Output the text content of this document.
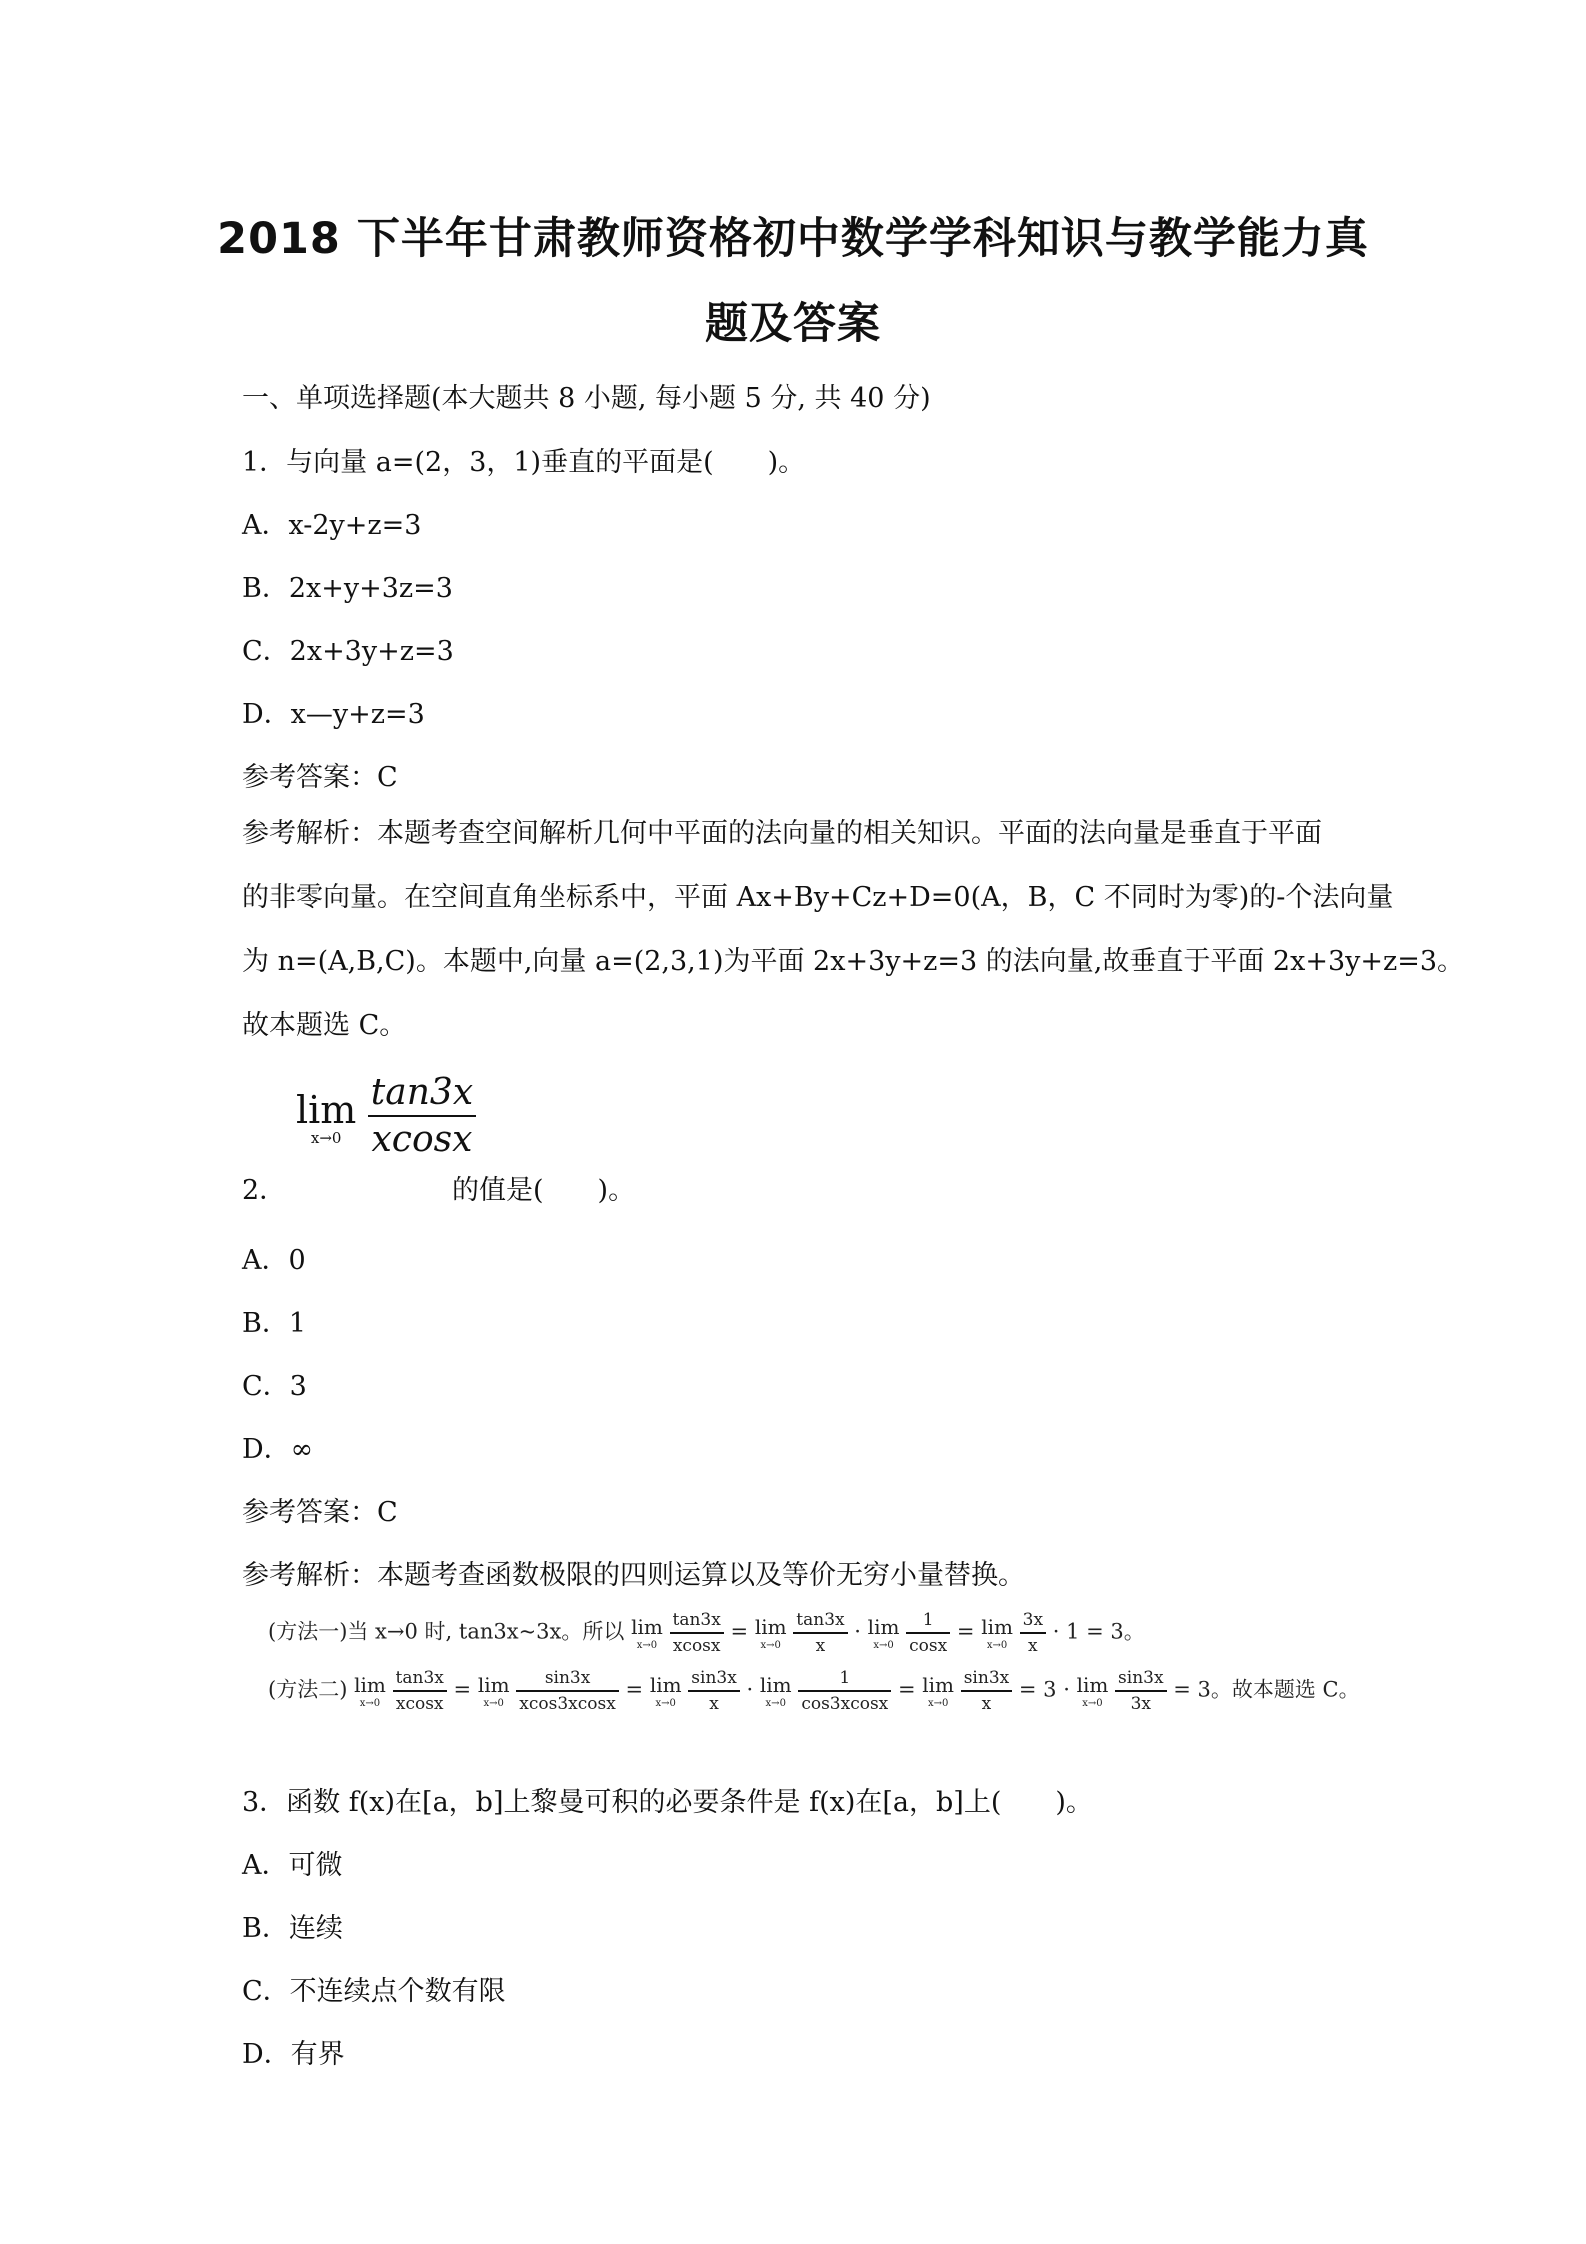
2018 下半年甘肃教师资格初中数学学科知识与教学能力真
题及答案
一、单项选择题(本大题共 8 小题, 每小题 5 分, 共 40 分)
1．与向量 a=(2，3，1)垂直的平面是(　　)。
A．x-2y+z=3
B．2x+y+3z=3
C．2x+3y+z=3
D．x—y+z=3
参考答案：C
参考解析：本题考查空间解析几何中平面的法向量的相关知识。平面的法向量是垂直于平面
的非零向量。在空间直角坐标系中，平面 Ax+By+Cz+D=0(A，B，C 不同时为零)的-个法向量
为 n=(A,B,C)。本题中,向量 a=(2,3,1)为平面 2x+3y+z=3 的法向量,故垂直于平面 2x+3y+z=3。
故本题选 C。
lim
x→0
$\frac{\tan 3x}{xcosx}$
2．	的值是(　　)。
A．0
B．1
C．3
D．∞
参考答案：C
参考解析：本题考查函数极限的四则运算以及等价无穷小量替换。
(方法一)当 x→0 时, tan3x~3x。所以 lim
x→0
$\frac{\tan 3x}{xcosx} = \lim$
x→0
$\frac{\tan 3x}{x} \cdot \lim$
x→0
$\frac{1}{\cos x} = \lim$
x→0
$\frac{3x}{x} \cdot 1 = 3$。
(方法二) lim
x→0
$\frac{\tan 3x}{xcosx} = \lim$
x→0
$\frac{\sin 3x}{xcos3xcosx} = \lim$
x→0
$\frac{\sin 3x}{x} \cdot \lim$
x→0
$\frac{1}{\cos 3xcosx} = \lim$
x→0
$\frac{\sin 3x}{x} = 3 \cdot \lim$
x→0
$\frac{\sin 3x}{3x} = 3$。故本题选 C。
3．函数 f(x)在[a，b]上黎曼可积的必要条件是 f(x)在[a，b]上(　　)。
A．可微
B．连续
C．不连续点个数有限
D．有界
